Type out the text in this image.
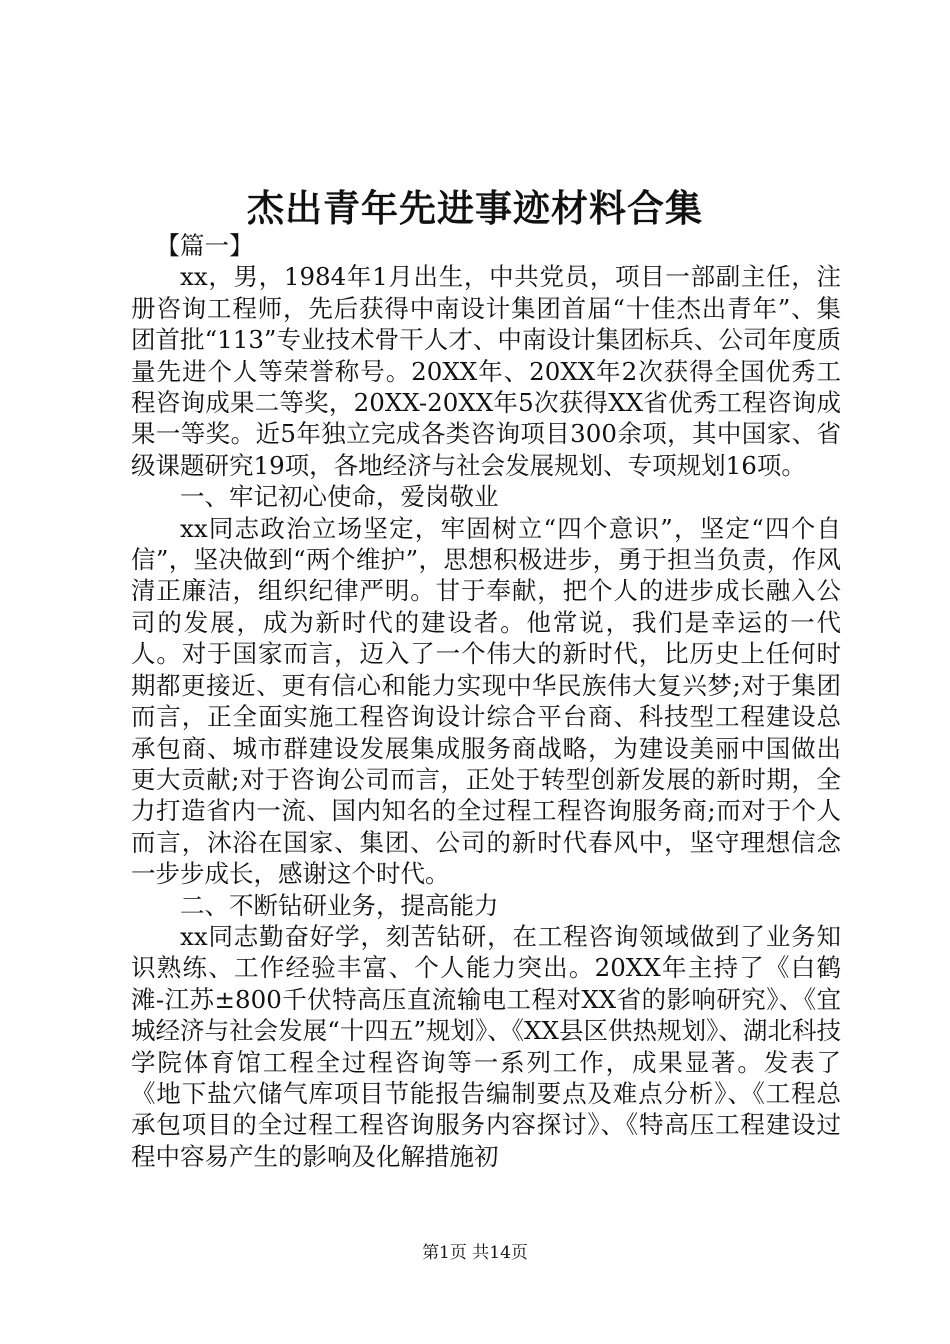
杰出青年先进事迹材料合集

【篇一】

xx，男，1984年1月出生，中共党员，项目一部副主任，注册咨询工程师，先后获得中南设计集团首届“十佳杰出青年”、集团首批“113”专业技术骨干人才、中南设计集团标兵、公司年度质量先进个人等荣誉称号。20XX年、20XX年2次获得全国优秀工程咨询成果二等奖，20XX-20XX年5次获得XX省优秀工程咨询成果一等奖。近5年独立完成各类咨询项目300余项，其中国家、省级课题研究19项，各地经济与社会发展规划、专项规划16项。

一、牢记初心使命，爱岗敬业

xx同志政治立场坚定，牢固树立“四个意识”，坚定“四个自信”，坚决做到“两个维护”，思想积极进步，勇于担当负责，作风清正廉洁，组织纪律严明。甘于奉献，把个人的进步成长融入公司的发展，成为新时代的建设者。他常说，我们是幸运的一代人。对于国家而言，迈入了一个伟大的新时代，比历史上任何时期都更接近、更有信心和能力实现中华民族伟大复兴梦;对于集团而言，正全面实施工程咨询设计综合平台商、科技型工程建设总承包商、城市群建设发展集成服务商战略，为建设美丽中国做出更大贡献;对于咨询公司而言，正处于转型创新发展的新时期，全力打造省内一流、国内知名的全过程工程咨询服务商;而对于个人而言，沐浴在国家、集团、公司的新时代春风中，坚守理想信念一步步成长，感谢这个时代。

二、不断钻研业务，提高能力

xx同志勤奋好学，刻苦钻研，在工程咨询领域做到了业务知识熟练、工作经验丰富、个人能力突出。20XX年主持了《白鹤滩-江苏±800千伏特高压直流输电工程对XX省的影响研究》、《宜城经济与社会发展“十四五”规划》、《XX县区供热规划》、湖北科技学院体育馆工程全过程咨询等一系列工作，成果显著。发表了《地下盐穴储气库项目节能报告编制要点及难点分析》、《工程总承包项目的全过程工程咨询服务内容探讨》、《特高压工程建设过程中容易产生的影响及化解措施初

第1页 共14页
